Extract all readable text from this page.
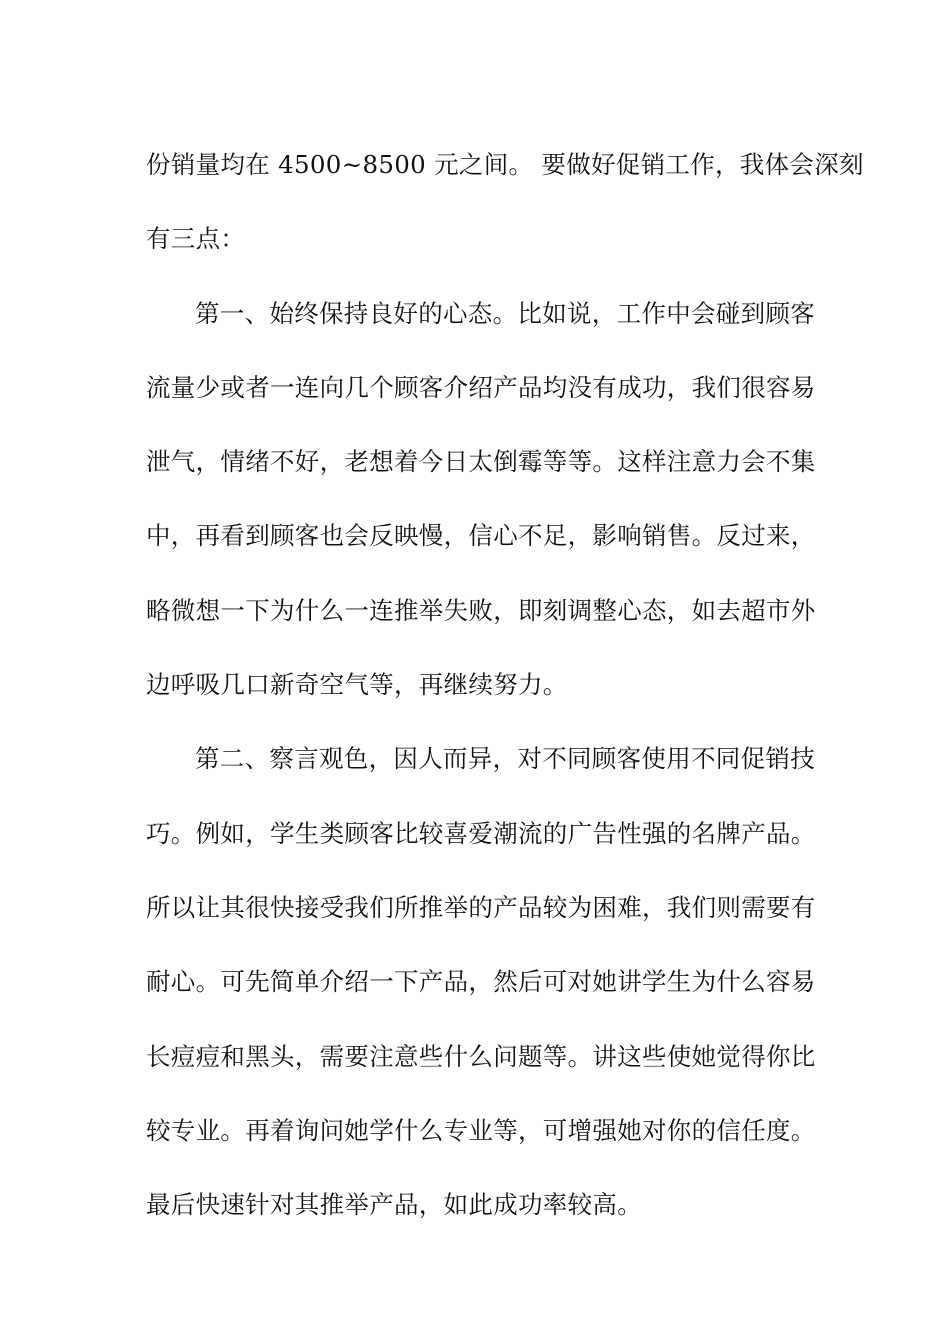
份销量均在 4500~8500 元之间。 要做好促销工作，我体会深刻
有三点：
第一、始终保持良好的心态。比如说，工作中会碰到顾客
流量少或者一连向几个顾客介绍产品均没有成功，我们很容易
泄气，情绪不好，老想着今日太倒霉等等。这样注意力会不集
中，再看到顾客也会反映慢，信心不足，影响销售。反过来，
略微想一下为什么一连推举失败，即刻调整心态，如去超市外
边呼吸几口新奇空气等，再继续努力。
第二、察言观色，因人而异，对不同顾客使用不同促销技
巧。例如，学生类顾客比较喜爱潮流的广告性强的名牌产品。
所以让其很快接受我们所推举的产品较为困难，我们则需要有
耐心。可先简单介绍一下产品，然后可对她讲学生为什么容易
长痘痘和黑头，需要注意些什么问题等。讲这些使她觉得你比
较专业。再着询问她学什么专业等，可增强她对你的信任度。
最后快速针对其推举产品，如此成功率较高。
